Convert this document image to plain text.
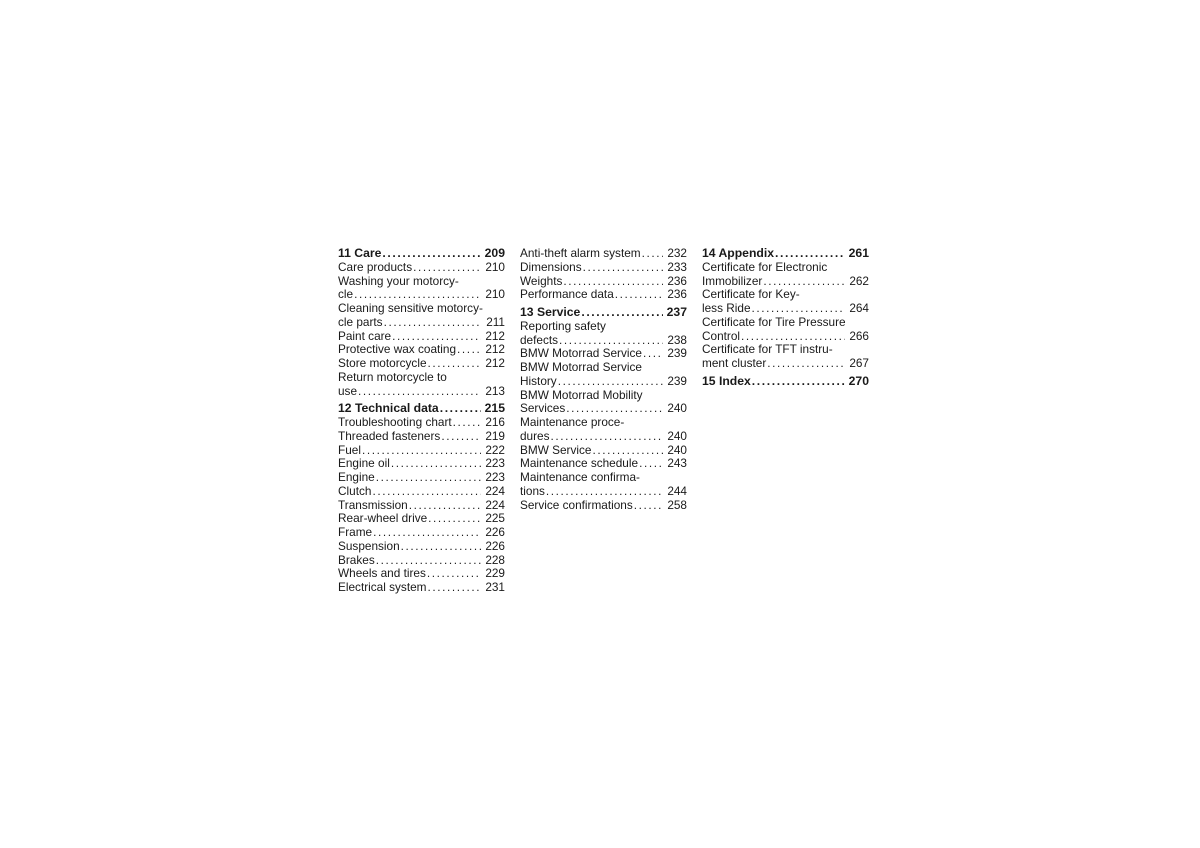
11 Care .....	209
Care products .....	210
Washing your motorcy-
cle .....	210
Cleaning sensitive motorcy-
cle parts .....	211
Paint care .....	212
Protective wax coating ..... 212
Store motorcycle .....	212
Return motorcycle to
use .....	213
12 Technical data .....	215
Troubleshooting chart .....	216
Threaded fasteners .....	219
Fuel .....	222
Engine oil .....	223
Engine .....	223
Clutch .....	224
Transmission .....	224
Rear-wheel drive .....	225
Frame .....	226
Suspension .....	226
Brakes .....	228
Wheels and tires .....	229
Electrical system .....	231
Anti-theft alarm system ..... 232
Dimensions .....	233
Weights .....	236
Performance data .....	236
13 Service .....	237
Reporting safety
defects .....	238
BMW Motorrad Service ..... 239
BMW Motorrad Service
History .....	239
BMW Motorrad Mobility
Services .....	240
Maintenance proce-
dures .....	240
BMW Service .....	240
Maintenance schedule ..... 243
Maintenance confirma-
tions .....	244
Service confirmations .....	258
14 Appendix .....	261
Certificate for Electronic
Immobilizer .....	262
Certificate for Key-
less Ride .....	264
Certificate for Tire Pressure
Control .....	266
Certificate for TFT instru-
ment cluster .....	267
15 Index .....	270
